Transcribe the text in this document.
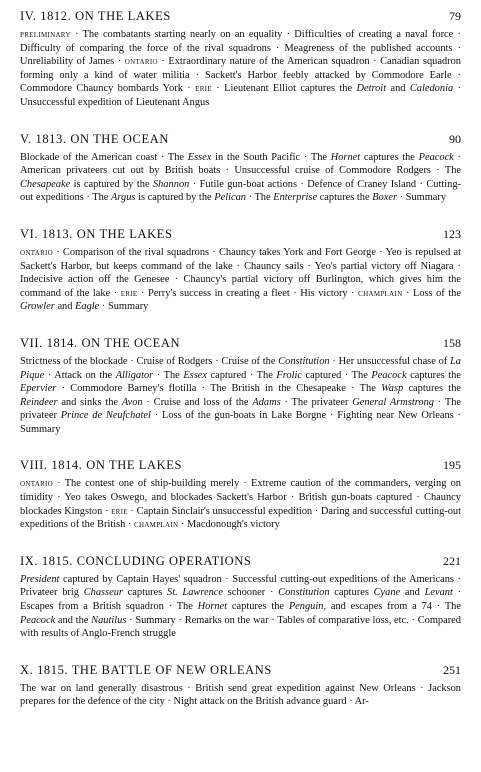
IV. 1812. ON THE LAKES	79
preliminary · The combatants starting nearly on an equality · Difficulties of creating a naval force · Difficulty of comparing the force of the rival squadrons · Meagreness of the published accounts · Unreliability of James · ontario · Extraordinary nature of the American squadron · Canadian squadron forming only a kind of water militia · Sackett's Harbor feebly attacked by Commodore Earle · Commodore Chauncy bombards York · erie · Lieutenant Elliot captures the Detroit and Caledonia · Unsuccessful expedition of Lieutenant Angus
V. 1813. ON THE OCEAN	90
Blockade of the American coast · The Essex in the South Pacific · The Hornet captures the Peacock · American privateers cut out by British boats · Unsuccessful cruise of Commodore Rodgers · The Chesapeake is captured by the Shannon · Futile gun-boat actions · Defence of Craney Island · Cutting-out expeditions · The Argus is captured by the Pelican · The Enterprise captures the Boxer · Summary
VI. 1813. ON THE LAKES	123
ontario · Comparison of the rival squadrons · Chauncy takes York and Fort George · Yeo is repulsed at Sackett's Harbor, but keeps command of the lake · Chauncy sails · Yeo's partial victory off Niagara · Indecisive action off the Genesee · Chauncy's partial victory off Burlington, which gives him the command of the lake · erie · Perry's success in creating a fleet · His victory · champlain · Loss of the Growler and Eagle · Summary
VII. 1814. ON THE OCEAN	158
Strictness of the blockade · Cruise of Rodgers · Cruise of the Constitution · Her unsuccessful chase of La Pique · Attack on the Alligator · The Essex captured · The Frolic captured · The Peacock captures the Epervier · Commodore Barney's flotilla · The British in the Chesapeake · The Wasp captures the Reindeer and sinks the Avon · Cruise and loss of the Adams · The privateer General Armstrong · The privateer Prince de Neufchatel · Loss of the gun-boats in Lake Borgne · Fighting near New Orleans · Summary
VIII. 1814. ON THE LAKES	195
ontario · The contest one of ship-building merely · Extreme caution of the commanders, verging on timidity · Yeo takes Oswego, and blockades Sackett's Harbor · British gun-boats captured · Chauncy blockades Kingston · erie · Captain Sinclair's unsuccessful expedition · Daring and successful cutting-out expeditions of the British · champlain · Macdonough's victory
IX. 1815. CONCLUDING OPERATIONS	221
President captured by Captain Hayes' squadron · Successful cutting-out expeditions of the Americans · Privateer brig Chasseur captures St. Lawrence schooner · Constitution captures Cyane and Levant · Escapes from a British squadron · The Hornet captures the Penguin, and escapes from a 74 · The Peacock and the Nautilus · Summary · Remarks on the war · Tables of comparative loss, etc. · Compared with results of Anglo-French struggle
X. 1815. THE BATTLE OF NEW ORLEANS	251
The war on land generally disastrous · British send great expedition against New Orleans · Jackson prepares for the defence of the city · Night attack on the British advance guard · Ar-
